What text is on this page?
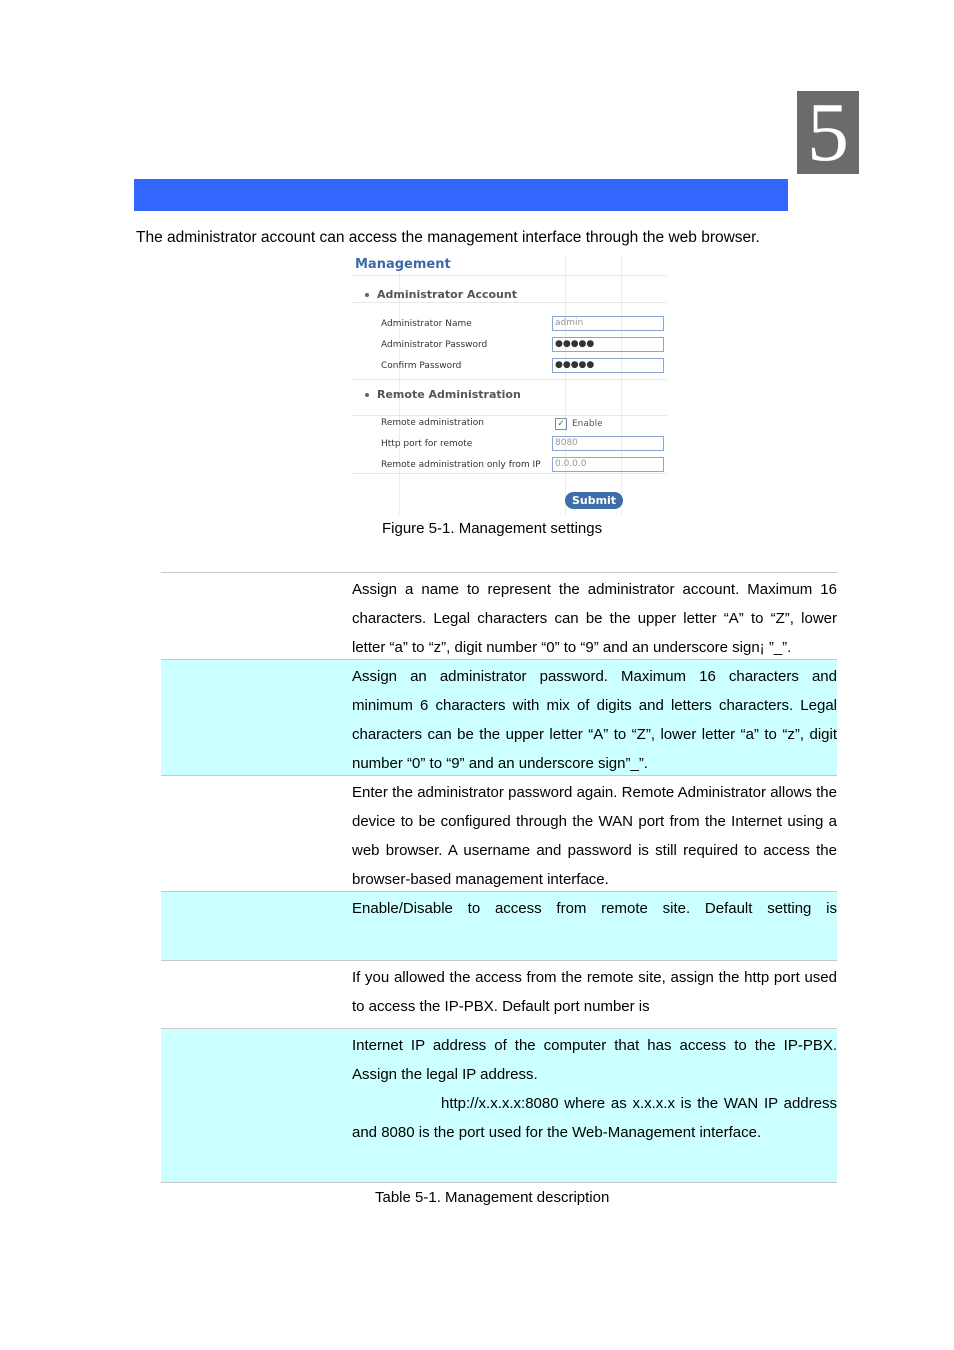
5
The administrator account can access the management interface through the web browser.
Management
Administrator Account
Administrator Name	admin
Administrator Password	●●●●●
Confirm Password	●●●●●
Remote Administration
Remote administration	✓ Enable
Http port for remote	8080
Remote administration only from IP	0.0.0.0
Submit
Figure 5-1. Management settings
Assign a name to represent the administrator account. Maximum 16 characters. Legal characters can be the upper letter “A” to “Z”, lower letter “a” to “z”, digit number “0” to “9” and an underscore sign¡ ”_”.
Assign an administrator password. Maximum 16 characters and minimum 6 characters with mix of digits and letters characters. Legal characters can be the upper letter “A” to “Z”, lower letter “a” to “z”, digit number “0” to “9” and an underscore sign”_”.
Enter the administrator password again. Remote Administrator allows the device to be configured through the WAN port from the Internet using a web browser. A username and password is still required to access the browser-based management interface.
Enable/Disable to access from remote site. Default setting is
If you allowed the access from the remote site, assign the http port used to access the IP-PBX. Default port number is
Internet IP address of the computer that has access to the IP-PBX. Assign the legal IP address.
http://x.x.x.x:8080 where as x.x.x.x is the WAN IP address and 8080 is the port used for the Web-Management interface.
Table 5-1. Management description
